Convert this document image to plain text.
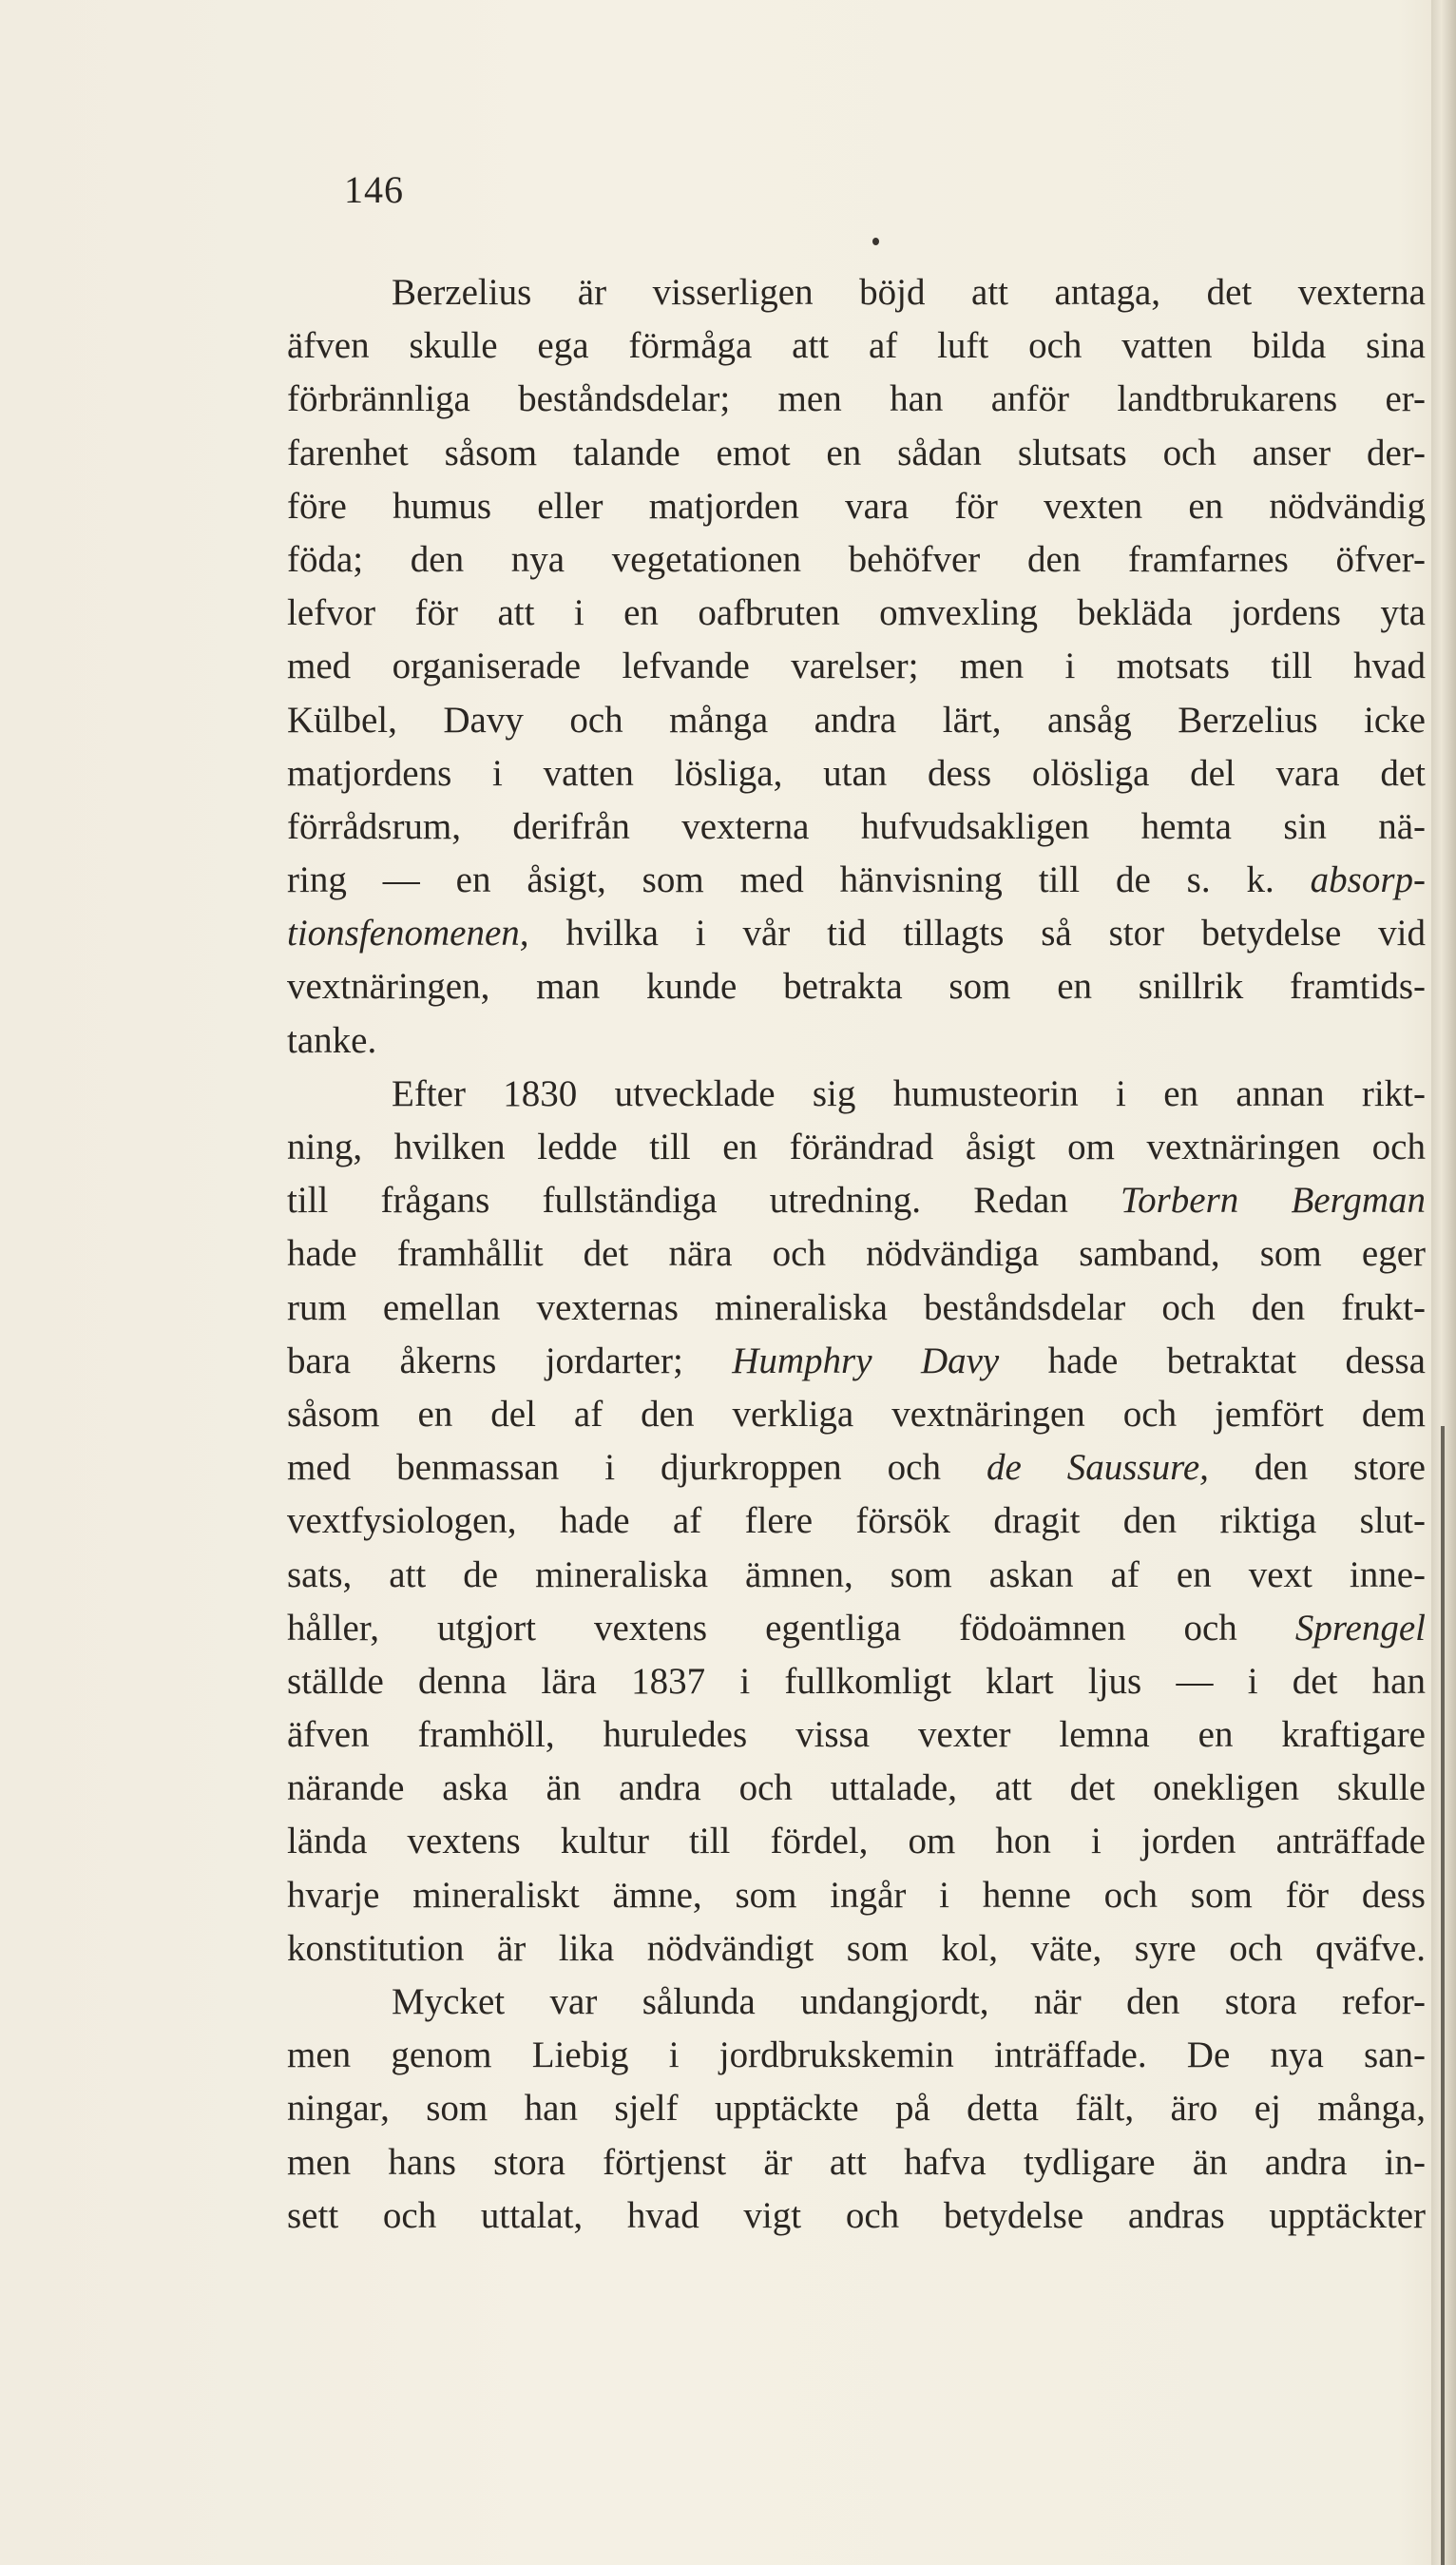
146
Berzelius är visserligen böjd att antaga, det vexterna
äfven skulle ega förmåga att af luft och vatten bilda sina
förbrännliga beståndsdelar; men han anför landtbrukarens er-
farenhet såsom talande emot en sådan slutsats och anser der-
före humus eller matjorden vara för vexten en nödvändig
föda; den nya vegetationen behöfver den framfarnes öfver-
lefvor för att i en oafbruten omvexling bekläda jordens yta
med organiserade lefvande varelser; men i motsats till hvad
Külbel, Davy och många andra lärt, ansåg Berzelius icke
matjordens i vatten lösliga, utan dess olösliga del vara det
förrådsrum, derifrån vexterna hufvudsakligen hemta sin nä-
ring — en åsigt, som med hänvisning till de s. k. absorp-
tionsfenomenen, hvilka i vår tid tillagts så stor betydelse vid
vextnäringen, man kunde betrakta som en snillrik framtids-
tanke.
Efter 1830 utvecklade sig humusteorin i en annan rikt-
ning, hvilken ledde till en förändrad åsigt om vextnäringen och
till frågans fullständiga utredning. Redan Torbern Bergman
hade framhållit det nära och nödvändiga samband, som eger
rum emellan vexternas mineraliska beståndsdelar och den frukt-
bara åkerns jordarter; Humphry Davy hade betraktat dessa
såsom en del af den verkliga vextnäringen och jemfört dem
med benmassan i djurkroppen och de Saussure, den store
vextfysiologen, hade af flere försök dragit den riktiga slut-
sats, att de mineraliska ämnen, som askan af en vext inne-
håller, utgjort vextens egentliga födoämnen och Sprengel
ställde denna lära 1837 i fullkomligt klart ljus — i det han
äfven framhöll, huruledes vissa vexter lemna en kraftigare
närande aska än andra och uttalade, att det onekligen skulle
lända vextens kultur till fördel, om hon i jorden anträffade
hvarje mineraliskt ämne, som ingår i henne och som för dess
konstitution är lika nödvändigt som kol, väte, syre och qväfve.
Mycket var sålunda undangjordt, när den stora refor-
men genom Liebig i jordbrukskemin inträffade. De nya san-
ningar, som han sjelf upptäckte på detta fält, äro ej många,
men hans stora förtjenst är att hafva tydligare än andra in-
sett och uttalat, hvad vigt och betydelse andras upptäckter
